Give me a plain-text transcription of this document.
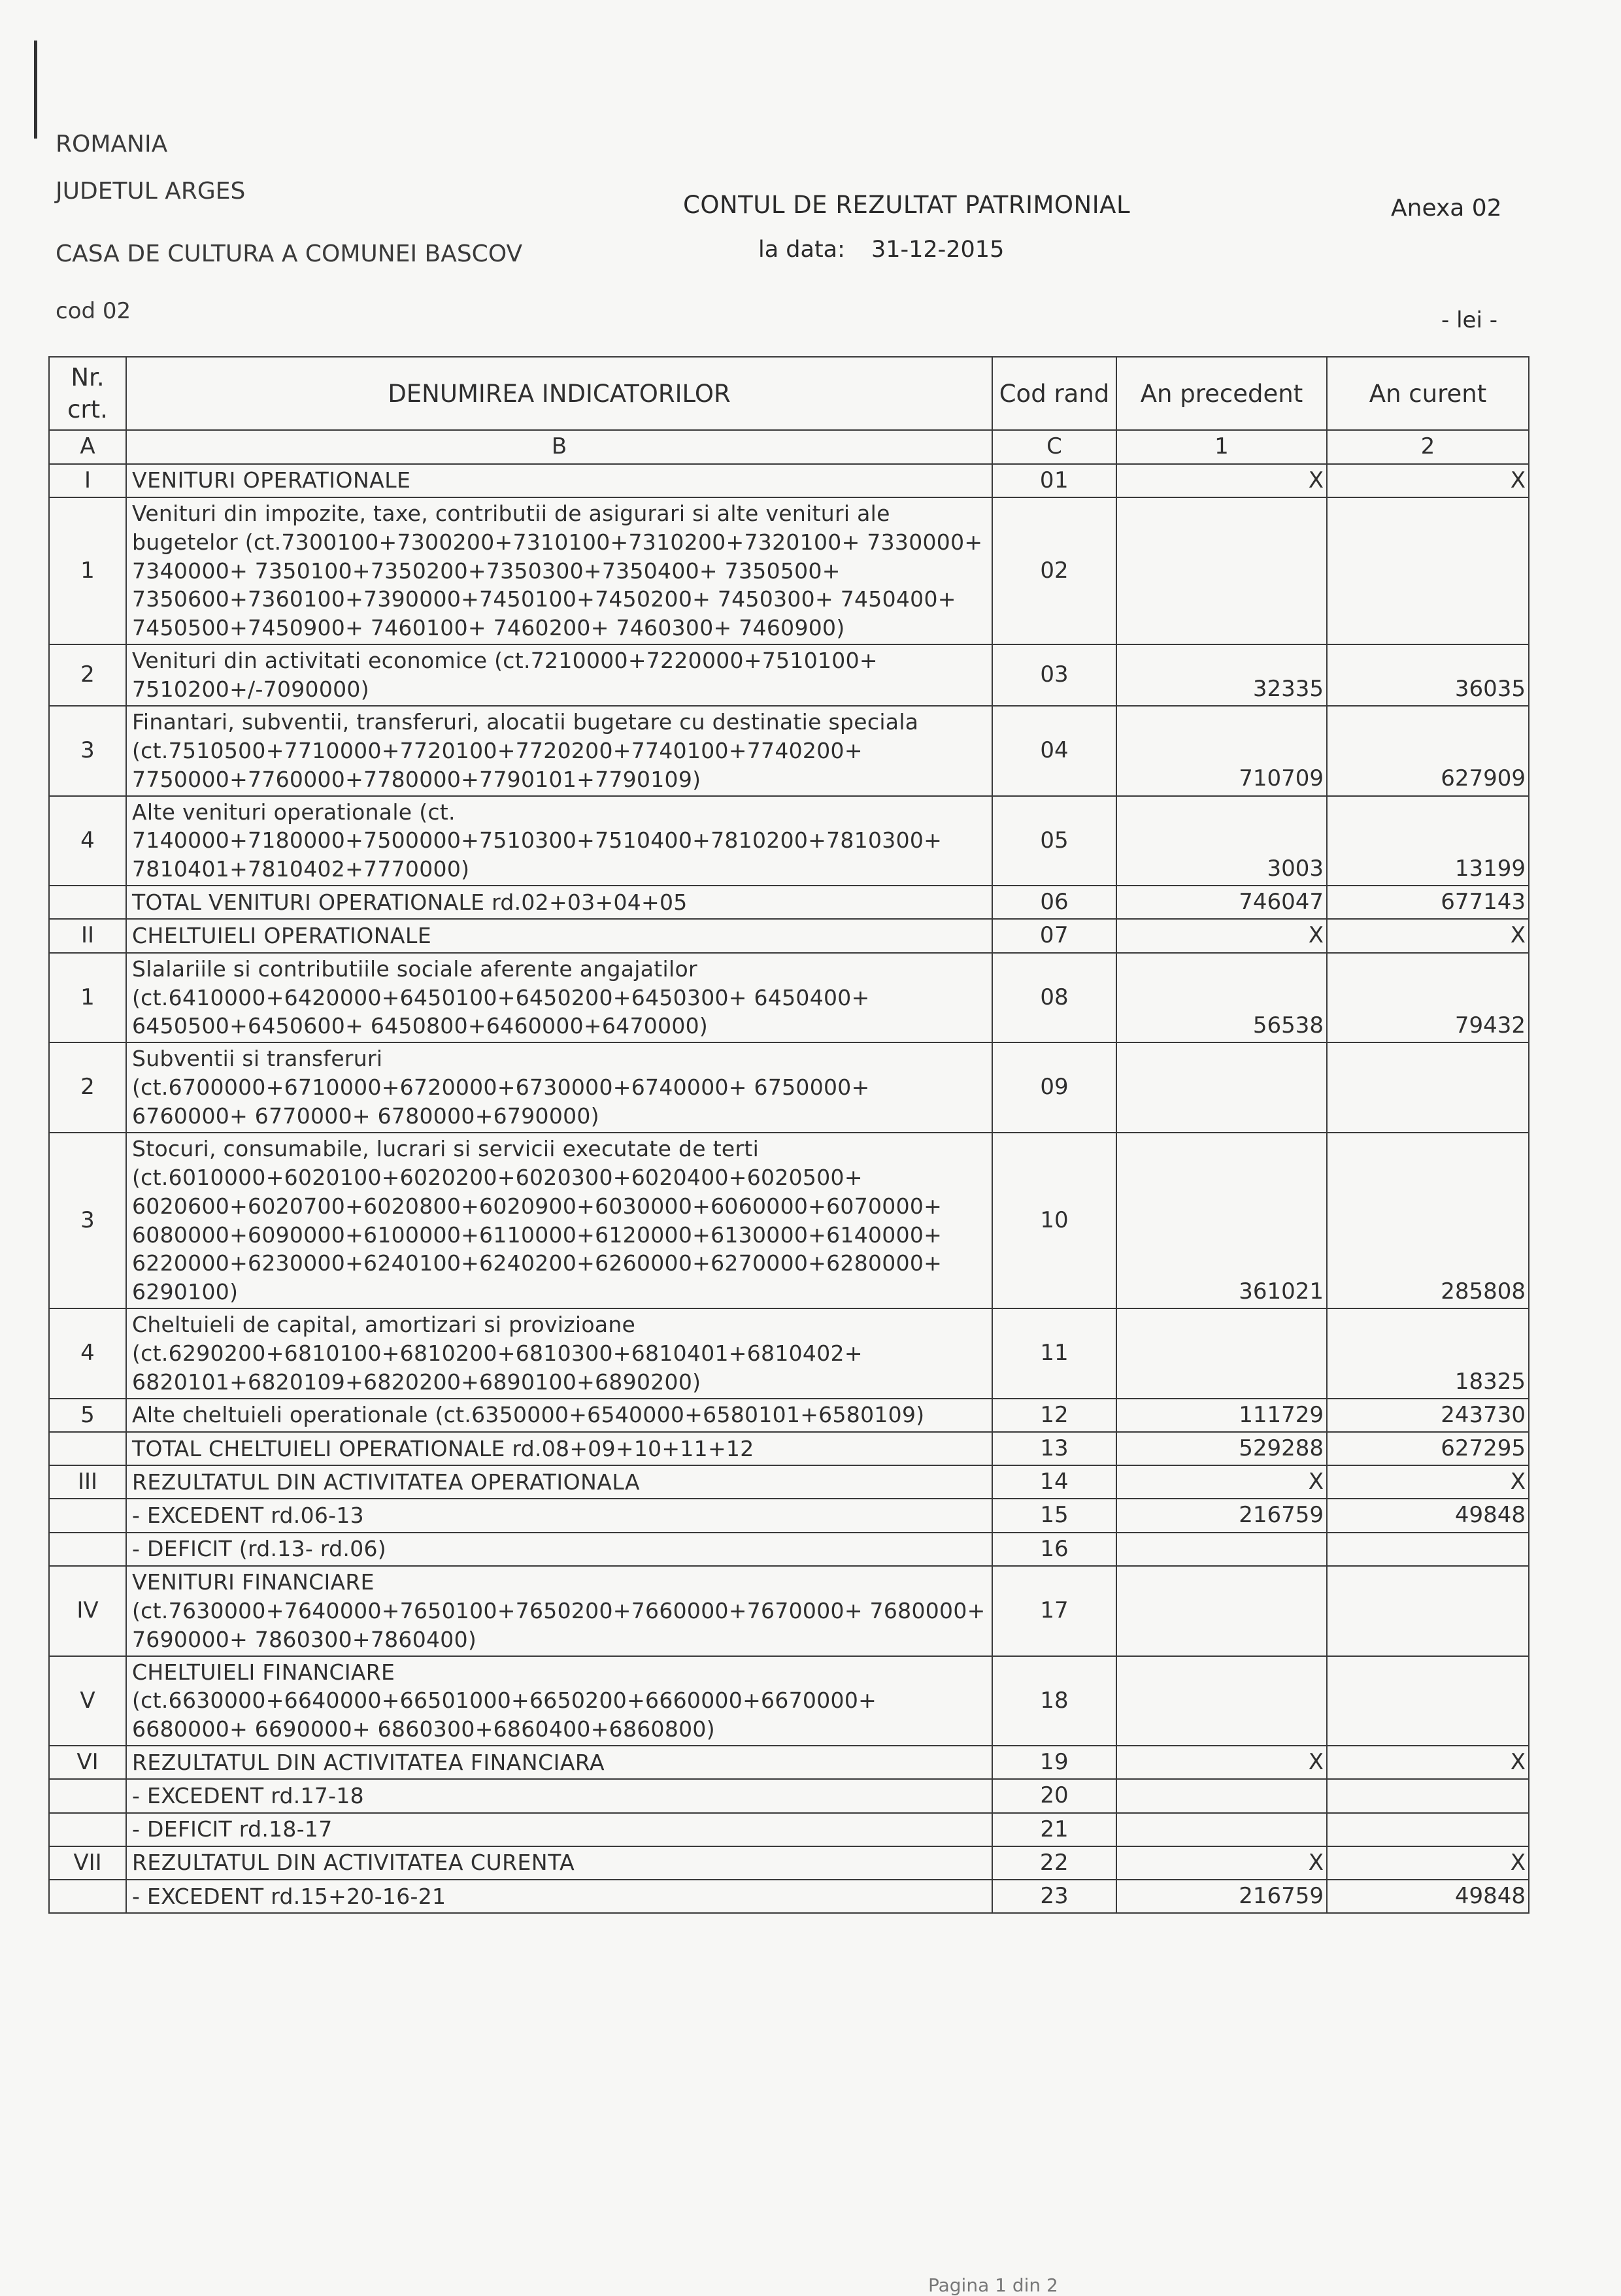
ROMANIA
JUDETUL ARGES
CASA DE CULTURA A COMUNEI BASCOV
cod 02
CONTUL DE REZULTAT PATRIMONIAL
la data: 31-12-2015
Anexa 02
- lei -
Nr. crt.	DENUMIREA INDICATORILOR	Cod rand	An precedent	An curent
A	B	C	1	2
I	VENITURI OPERATIONALE	01	X	X
1	Venituri din impozite, taxe, contributii de asigurari si alte venituri ale bugetelor (ct.7300100+7300200+7310100+7310200+7320100+ 7330000+ 7340000+ 7350100+7350200+7350300+7350400+ 7350500+ 7350600+7360100+7390000+7450100+7450200+ 7450300+ 7450400+ 7450500+7450900+ 7460100+ 7460200+ 7460300+ 7460900)	02		
2	Venituri din activitati economice (ct.7210000+7220000+7510100+ 7510200+/-7090000)	03	32335	36035
3	Finantari, subventii, transferuri, alocatii bugetare cu destinatie speciala (ct.7510500+7710000+7720100+7720200+7740100+7740200+ 7750000+7760000+7780000+7790101+7790109)	04	710709	627909
4	Alte venituri operationale (ct. 7140000+7180000+7500000+7510300+7510400+7810200+7810300+ 7810401+7810402+7770000)	05	3003	13199
	TOTAL VENITURI OPERATIONALE rd.02+03+04+05	06	746047	677143
II	CHELTUIELI OPERATIONALE	07	X	X
1	Slalariile si contributiile sociale aferente angajatilor (ct.6410000+6420000+6450100+6450200+6450300+ 6450400+ 6450500+6450600+ 6450800+6460000+6470000)	08	56538	79432
2	Subventii si transferuri (ct.6700000+6710000+6720000+6730000+6740000+ 6750000+ 6760000+ 6770000+ 6780000+6790000)	09		
3	Stocuri, consumabile, lucrari si servicii executate de terti (ct.6010000+6020100+6020200+6020300+6020400+6020500+ 6020600+6020700+6020800+6020900+6030000+6060000+6070000+ 6080000+6090000+6100000+6110000+6120000+6130000+6140000+ 6220000+6230000+6240100+6240200+6260000+6270000+6280000+ 6290100)	10	361021	285808
4	Cheltuieli de capital, amortizari si provizioane (ct.6290200+6810100+6810200+6810300+6810401+6810402+ 6820101+6820109+6820200+6890100+6890200)	11		18325
5	Alte cheltuieli operationale (ct.6350000+6540000+6580101+6580109)	12	111729	243730
	TOTAL CHELTUIELI OPERATIONALE rd.08+09+10+11+12	13	529288	627295
III	REZULTATUL DIN ACTIVITATEA OPERATIONALA	14	X	X
	- EXCEDENT rd.06-13	15	216759	49848
	- DEFICIT (rd.13- rd.06)	16		
IV	VENITURI FINANCIARE (ct.7630000+7640000+7650100+7650200+7660000+7670000+ 7680000+ 7690000+ 7860300+7860400)	17		
V	CHELTUIELI FINANCIARE (ct.6630000+6640000+66501000+6650200+6660000+6670000+ 6680000+ 6690000+ 6860300+6860400+6860800)	18		
VI	REZULTATUL DIN ACTIVITATEA FINANCIARA	19	X	X
	- EXCEDENT rd.17-18	20		
	- DEFICIT rd.18-17	21		
VII	REZULTATUL DIN ACTIVITATEA CURENTA	22	X	X
	- EXCEDENT rd.15+20-16-21	23	216759	49848
Pagina 1 din 2
